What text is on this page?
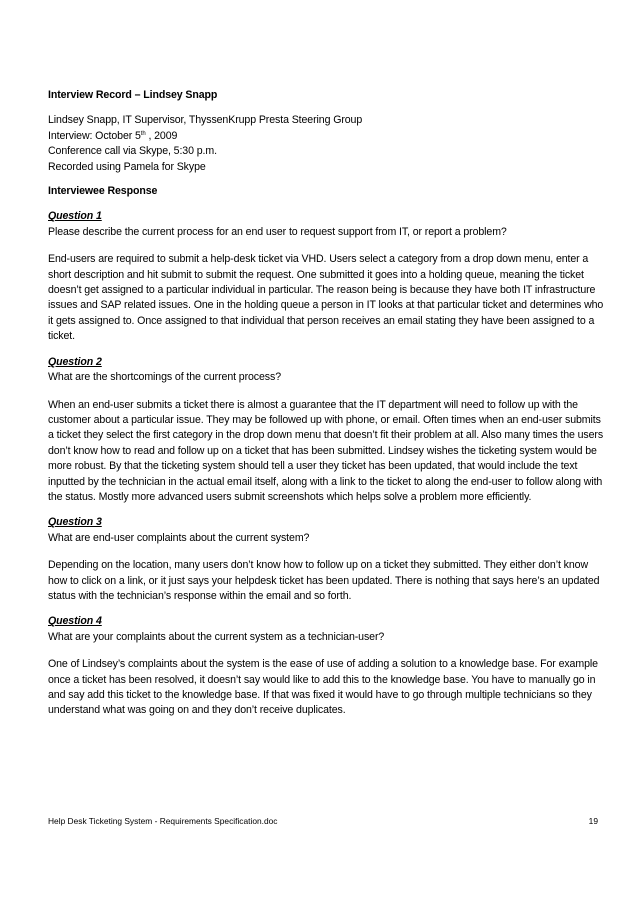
Interview Record – Lindsey Snapp

Lindsey Snapp, IT Supervisor, ThyssenKrupp Presta Steering Group

Interview: October 5th , 2009

Conference call via Skype, 5:30 p.m.

Recorded using Pamela for Skype

Interviewee Response

Question 1

Please describe the current process for an end user to request support from IT, or report a problem?

End-users are required to submit a help-desk ticket via VHD. Users select a category from a drop down menu, enter a short description and hit submit to submit the request. One submitted it goes into a holding queue, meaning the ticket doesn’t get assigned to a particular individual in particular. The reason being is because they have both IT infrastructure issues and SAP related issues. One in the holding queue a person in IT looks at that particular ticket and determines who it gets assigned to. Once assigned to that individual that person receives an email stating they have been assigned to a ticket.

Question 2

What are the shortcomings of the current process?

When an end-user submits a ticket there is almost a guarantee that the IT department will need to follow up with the customer about a particular issue. They may be followed up with phone, or email. Often times when an end-user submits a ticket they select the first category in the drop down menu that doesn’t fit their problem at all. Also many times the users don’t know how to read and follow up on a ticket that has been submitted. Lindsey wishes the ticketing system would be more robust. By that the ticketing system should tell a user they ticket has been updated, that would include the text inputted by the technician in the actual email itself, along with a link to the ticket to along the end-user to follow along with the status. Mostly more advanced users submit screenshots which helps solve a problem more efficiently.

Question 3

What are end-user complaints about the current system?

Depending on the location, many users don’t know how to follow up on a ticket they submitted. They either don’t know how to click on a link, or it just says your helpdesk ticket has been updated. There is nothing that says here’s an updated status with the technician’s response within the email and so forth.

Question 4

What are your complaints about the current system as a technician-user?

One of Lindsey’s complaints about the system is the ease of use of adding a solution to a knowledge base. For example once a ticket has been resolved, it doesn’t say would like to add this to the knowledge base. You have to manually go in and say add this ticket to the knowledge base. If that was fixed it would have to go through multiple technicians so they understand what was going on and they don’t receive duplicates.

Help Desk Ticketing System - Requirements Specification.doc	19
